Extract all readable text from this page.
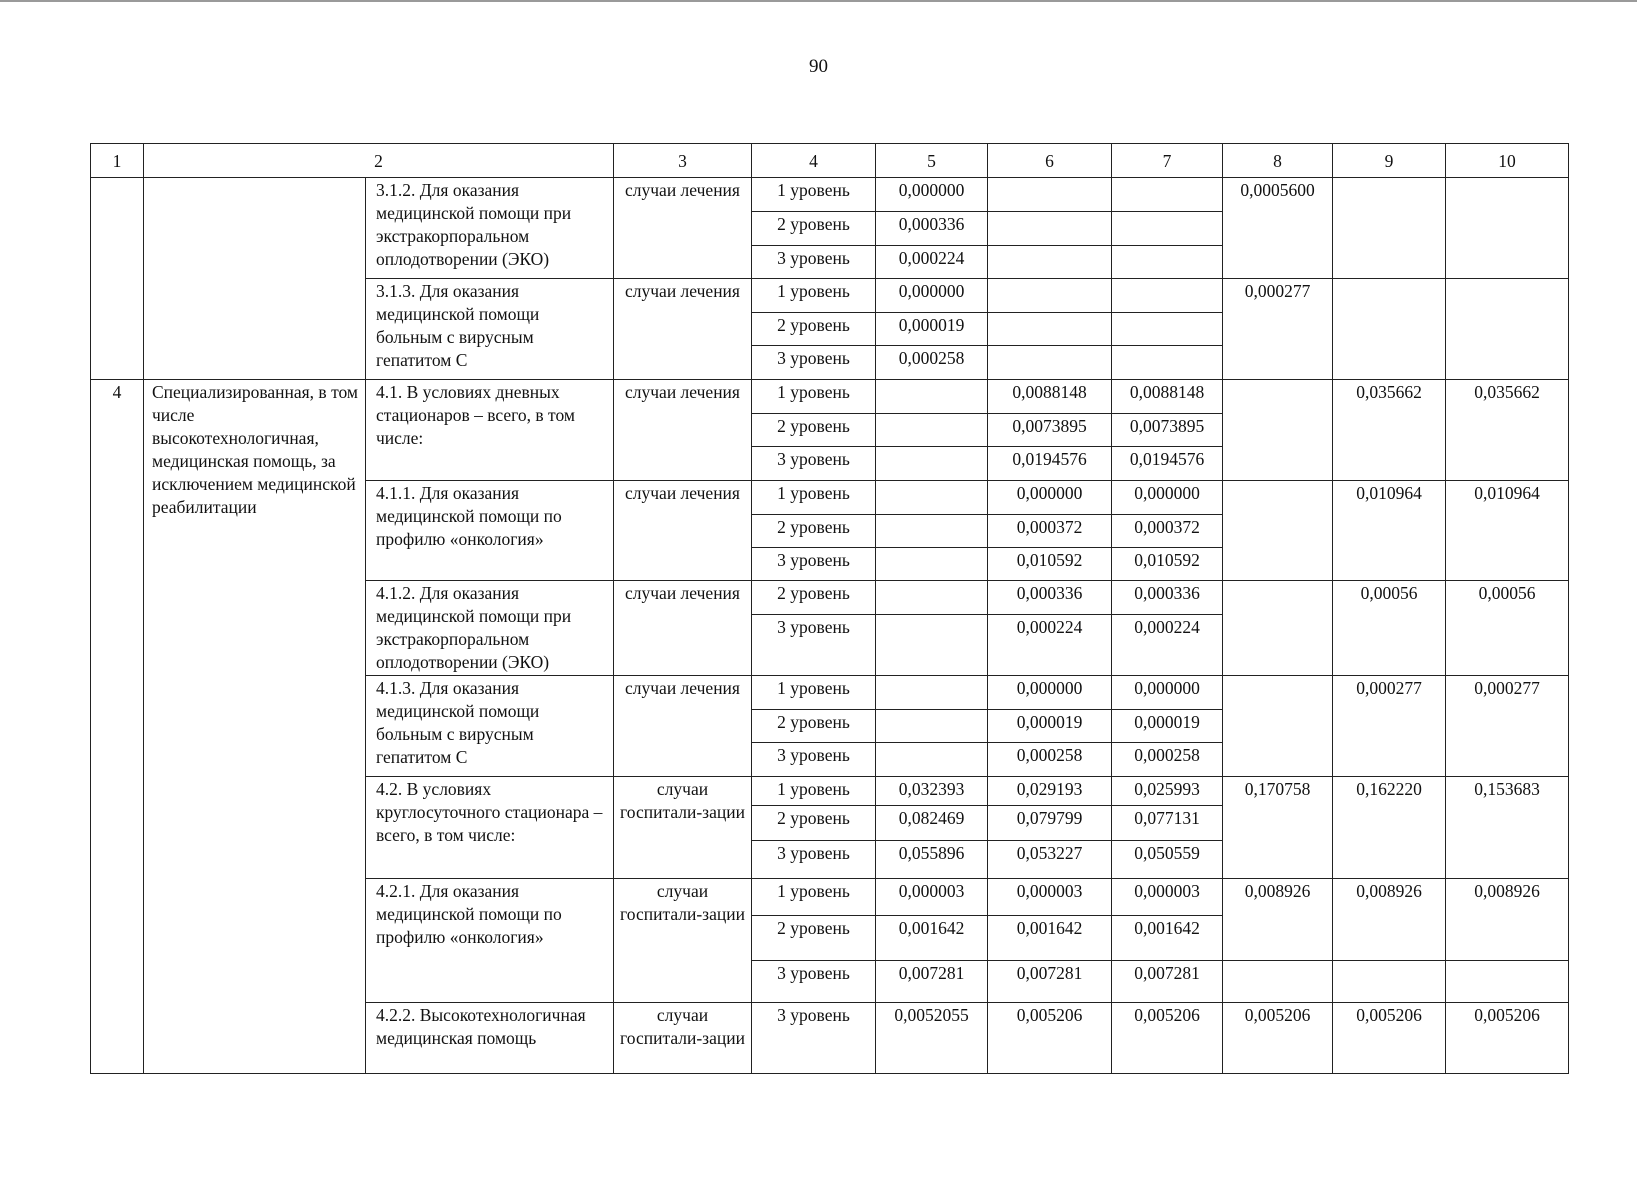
90
1	2		3	4	5	6	7	8	9	10
		3.1.2. Для оказания медицинской помощи при экстракорпоральном оплодотворении (ЭКО)	случаи лечения	1 уровень	0,000000			0,0005600		
				2 уровень	0,000336					
				3 уровень	0,000224					
		3.1.3. Для оказания медицинской помощи больным с вирусным гепатитом С	случаи лечения	1 уровень	0,000000			0,000277		
				2 уровень	0,000019					
				3 уровень	0,000258					
4	Специализированная, в том числе высокотехнологичная, медицинская помощь, за исключением медицинской реабилитации	4.1. В условиях дневных стационаров – всего, в том числе:	случаи лечения	1 уровень		0,0088148	0,0088148		0,035662	0,035662
				2 уровень		0,0073895	0,0073895			
				3 уровень		0,0194576	0,0194576			
		4.1.1. Для оказания медицинской помощи по профилю «онкология»	случаи лечения	1 уровень		0,000000	0,000000		0,010964	0,010964
				2 уровень		0,000372	0,000372			
				3 уровень		0,010592	0,010592			
		4.1.2. Для оказания медицинской помощи при экстракорпоральном оплодотворении (ЭКО)	случаи лечения	2 уровень		0,000336	0,000336		0,00056	0,00056
				3 уровень		0,000224	0,000224			
		4.1.3. Для оказания медицинской помощи больным с вирусным гепатитом С	случаи лечения	1 уровень		0,000000	0,000000		0,000277	0,000277
				2 уровень		0,000019	0,000019			
				3 уровень		0,000258	0,000258			
		4.2. В условиях круглосуточного стационара – всего, в том числе:	случаи госпитали-зации	1 уровень	0,032393	0,029193	0,025993	0,170758	0,162220	0,153683
				2 уровень	0,082469	0,079799	0,077131			
				3 уровень	0,055896	0,053227	0,050559			
		4.2.1. Для оказания медицинской помощи по профилю «онкология»	случаи госпитали-зации	1 уровень	0,000003	0,000003	0,000003	0,008926	0,008926	0,008926
				2 уровень	0,001642	0,001642	0,001642			
				3 уровень	0,007281	0,007281	0,007281			
		4.2.2. Высокотехнологичная медицинская помощь	случаи госпитали-зации	3 уровень	0,0052055	0,005206	0,005206	0,005206	0,005206	0,005206
